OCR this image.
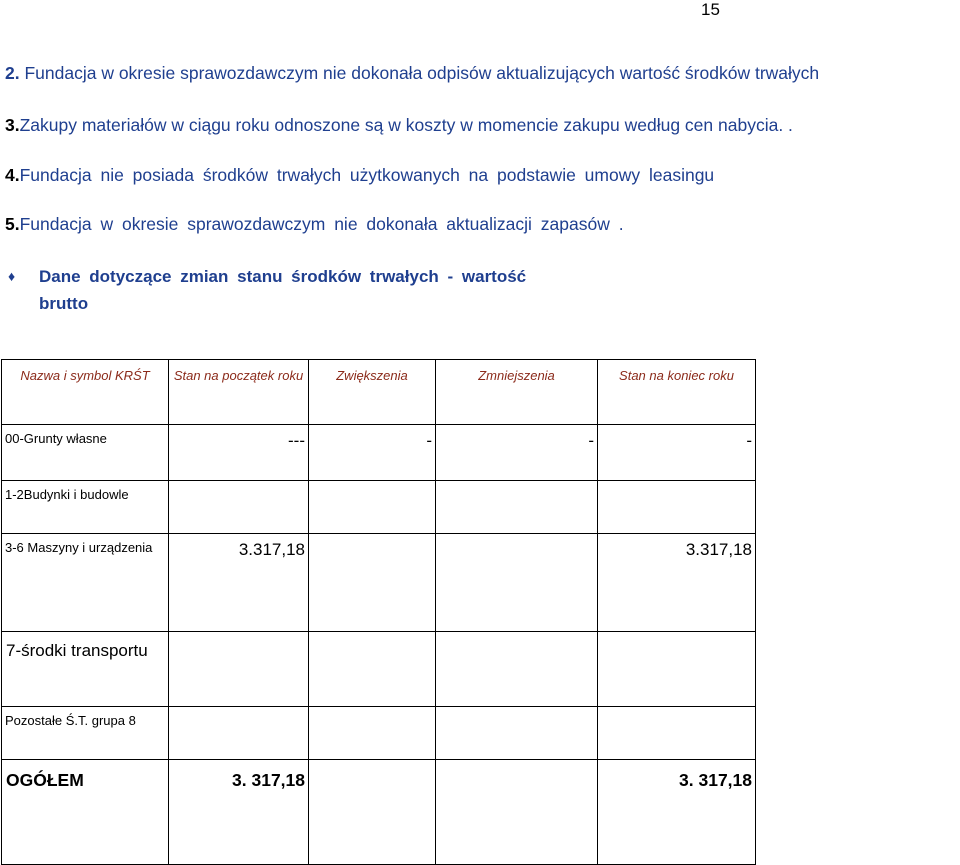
15
2. Fundacja w okresie sprawozdawczym nie dokonała odpisów aktualizujących wartość środków trwałych
3.Zakupy materiałów w ciągu roku odnoszone są w koszty w momencie zakupu według cen nabycia. .
4.Fundacja nie posiada środków trwałych użytkowanych na podstawie umowy leasingu
5.Fundacja w okresie sprawozdawczym nie dokonała aktualizacji zapasów .
♦ Dane dotyczące zmian stanu środków trwałych - wartość brutto
Nazwa i symbol KRŚT	Stan na początek roku	Zwiększenia	Zmniejszenia	Stan na koniec roku
00-Grunty własne	---	-	-	-
1-2Budynki i budowle				
3-6 Maszyny i urządzenia	3.317,18			3.317,18
7-środki transportu				
Pozostałe Ś.T. grupa 8				
OGÓŁEM	3. 317,18			3. 317,18
